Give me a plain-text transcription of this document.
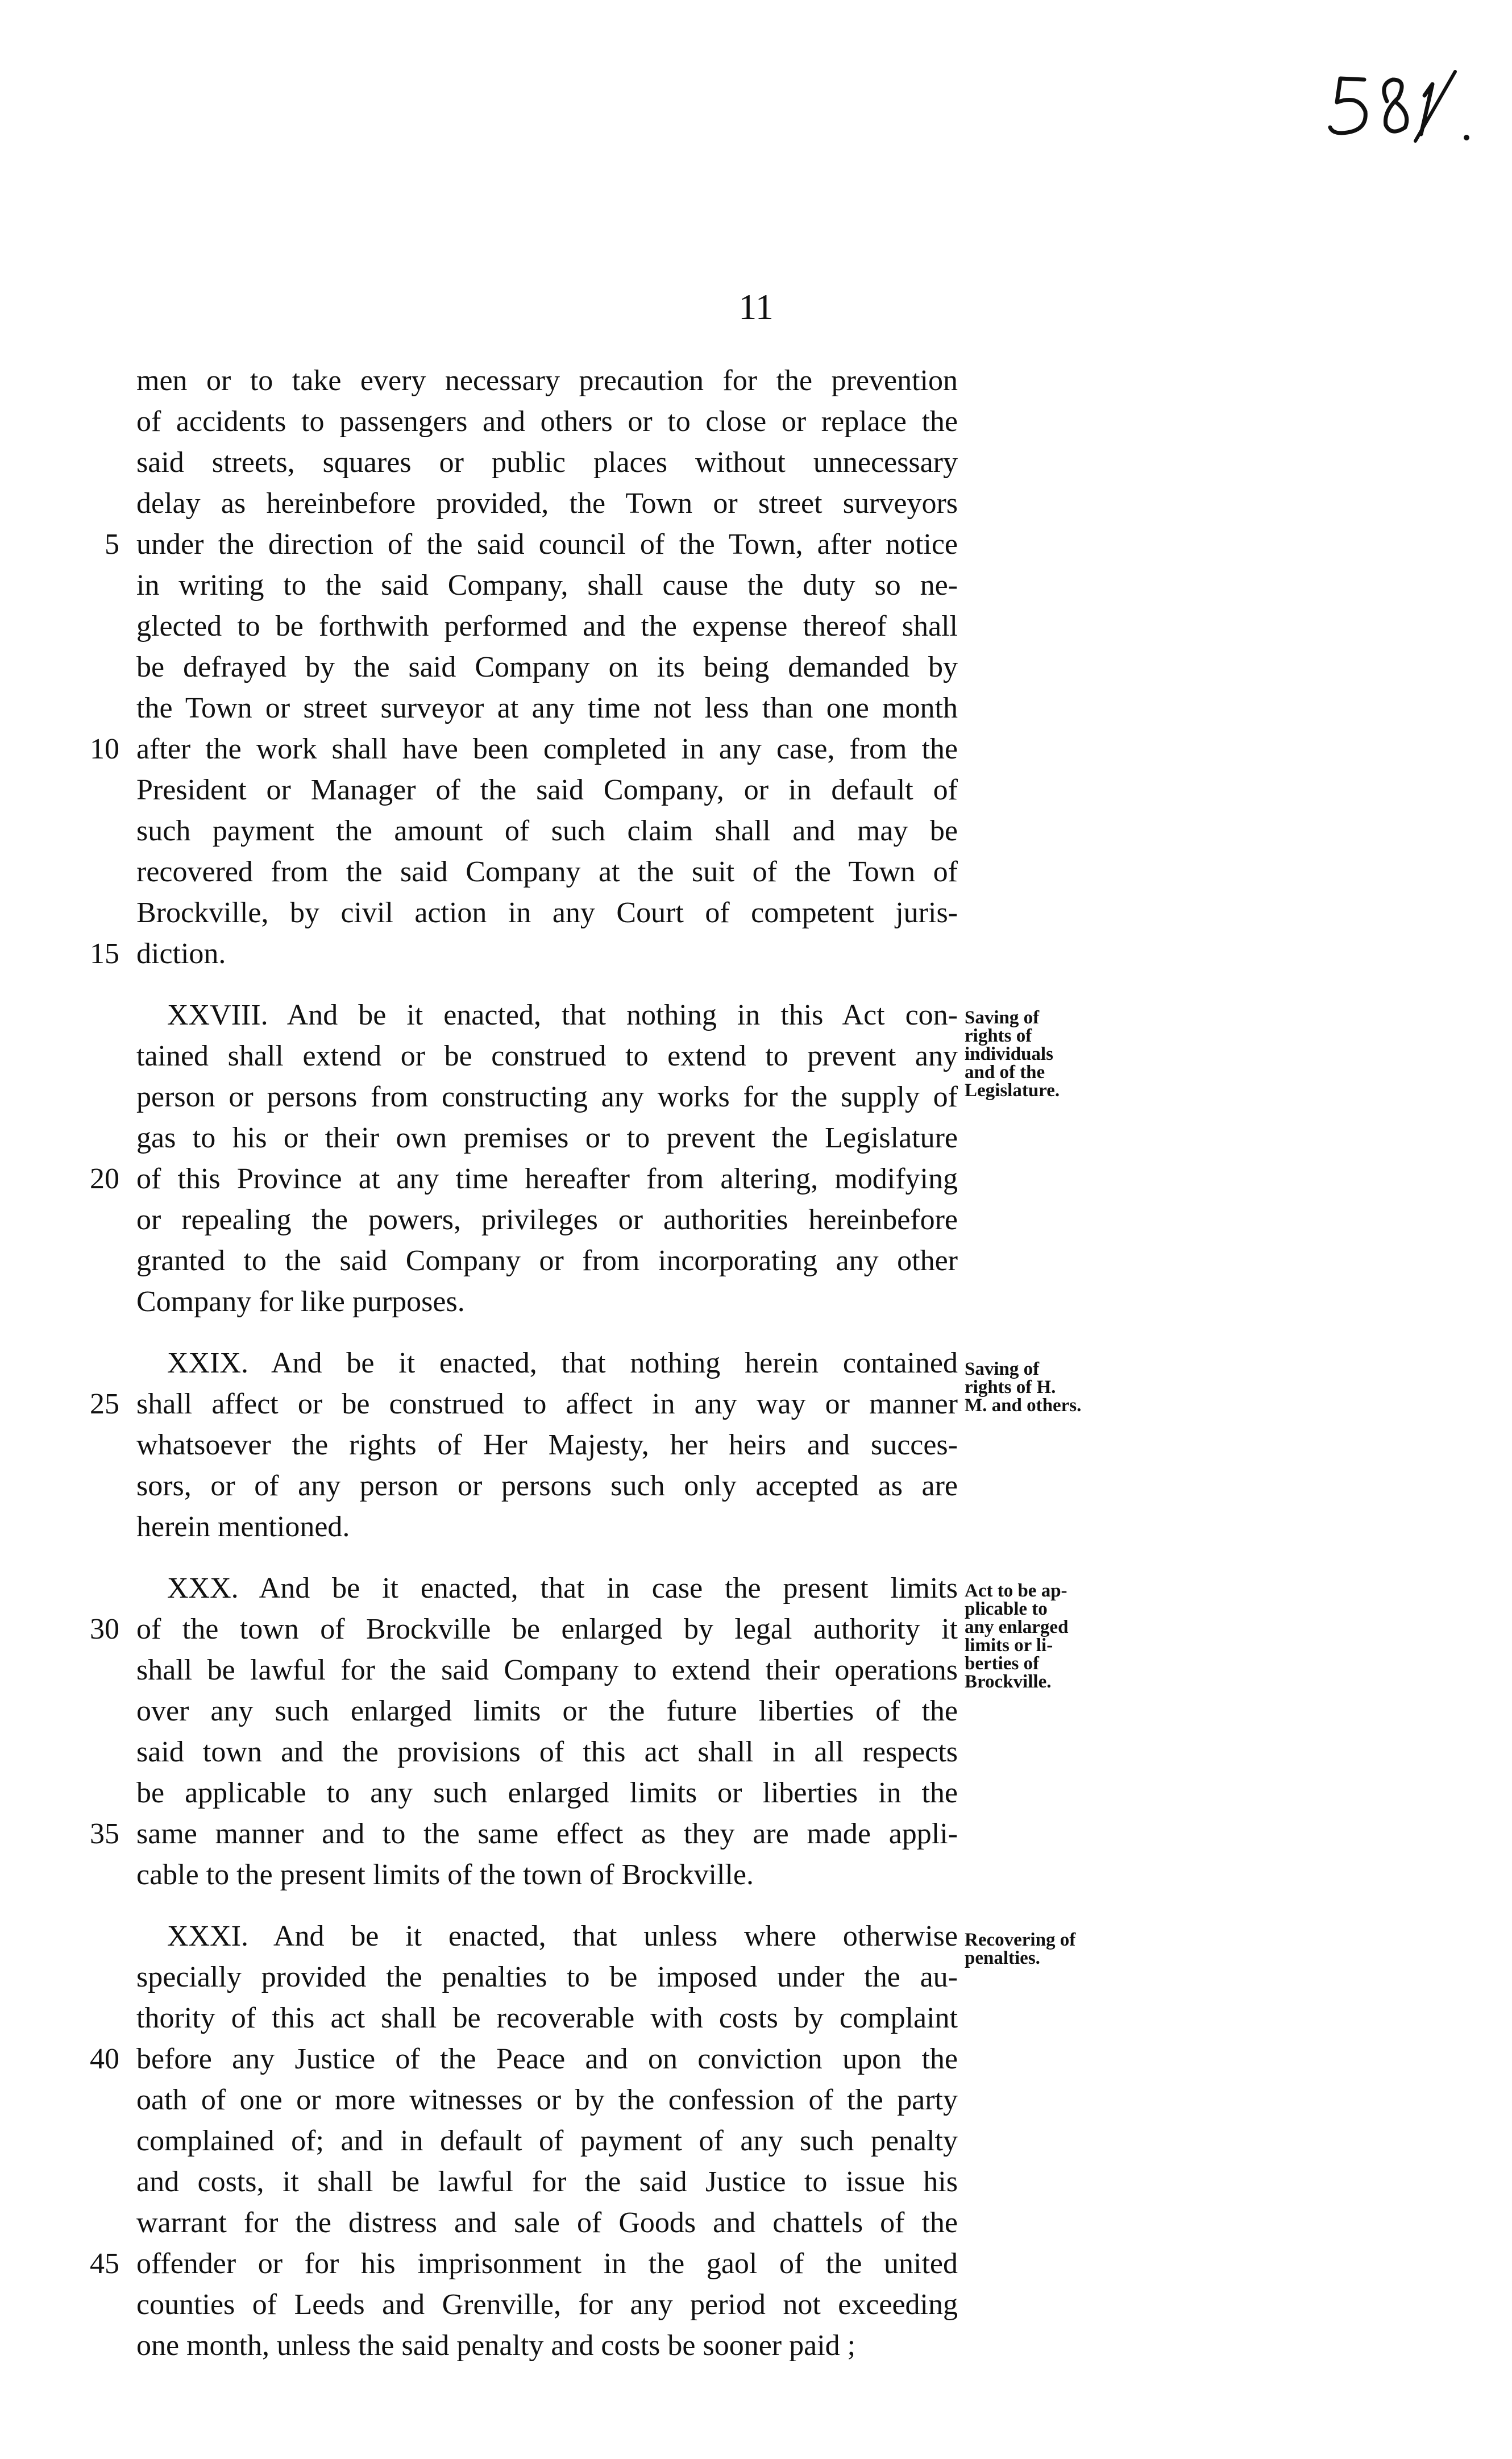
11
men or to take every necessary precaution for the prevention
of accidents to passengers and others or to close or replace the
said streets, squares or public places without unnecessary
delay as hereinbefore provided, the Town or street surveyors
under the direction of the said council of the Town, after notice
in writing to the said Company, shall cause the duty so ne-
glected to be forthwith performed and the expense thereof shall
be defrayed by the said Company on its being demanded by
the Town or street surveyor at any time not less than one month
after the work shall have been completed in any case, from the
President or Manager of the said Company, or in default of
such payment the amount of such claim shall and may be
recovered from the said Company at the suit of the Town of
Brockville, by civil action in any Court of competent juris-
diction.
XXVIII. And be it enacted, that nothing in this Act con-
tained shall extend or be construed to extend to prevent any
person or persons from constructing any works for the supply of
gas to his or their own premises or to prevent the Legislature
of this Province at any time hereafter from altering, modifying
or repealing the powers, privileges or authorities hereinbefore
granted to the said Company or from incorporating any other
Company for like purposes.
XXIX. And be it enacted, that nothing herein contained
shall affect or be construed to affect in any way or manner
whatsoever the rights of Her Majesty, her heirs and succes-
sors, or of any person or persons such only accepted as are
herein mentioned.
XXX. And be it enacted, that in case the present limits
of the town of Brockville be enlarged by legal authority it
shall be lawful for the said Company to extend their operations
over any such enlarged limits or the future liberties of the
said town and the provisions of this act shall in all respects
be applicable to any such enlarged limits or liberties in the
same manner and to the same effect as they are made appli-
cable to the present limits of the town of Brockville.
XXXI. And be it enacted, that unless where otherwise
specially provided the penalties to be imposed under the au-
thority of this act shall be recoverable with costs by complaint
before any Justice of the Peace and on conviction upon the
oath of one or more witnesses or by the confession of the party
complained of; and in default of payment of any such penalty
and costs, it shall be lawful for the said Justice to issue his
warrant for the distress and sale of Goods and chattels of the
offender or for his imprisonment in the gaol of the united
counties of Leeds and Grenville, for any period not exceeding
one month, unless the said penalty and costs be sooner paid ;
5
10
15
20
25
30
35
40
45
Saving of
rights of
individuals
and of the
Legislature.
Saving of
rights of H.
M. and others.
Act to be ap-
plicable to
any enlarged
limits or li-
berties of
Brockville.
Recovering of
penalties.
